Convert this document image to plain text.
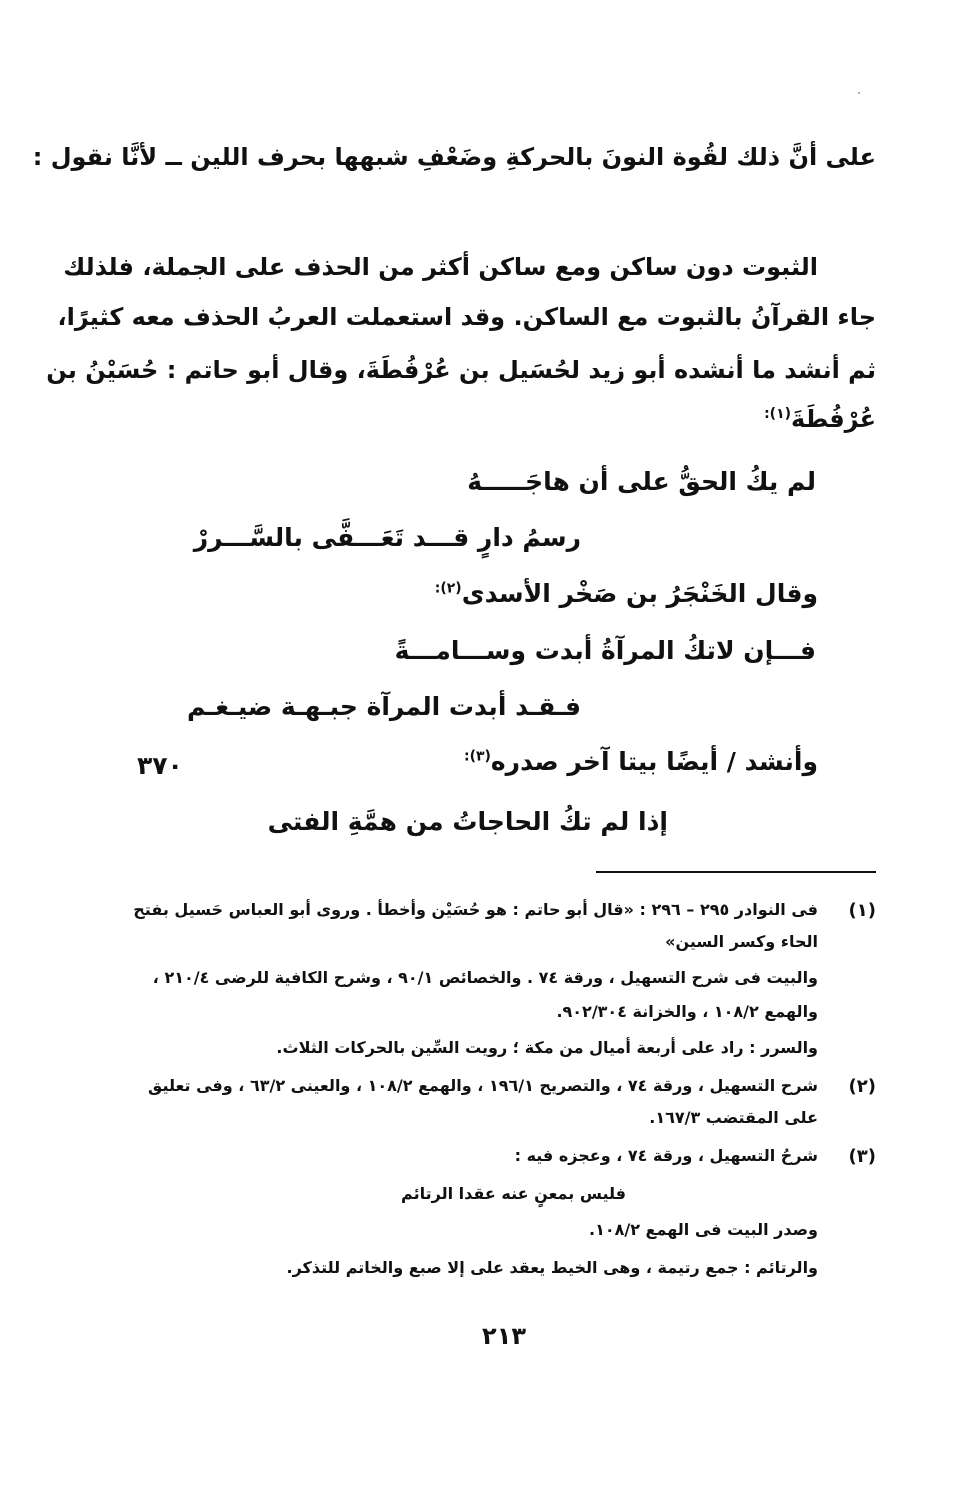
على أنَّ ذلك لقُوة النونَ بالحركةِ وضَعْفِ شبهها بحرف اللين ــ لأنَّا نقول :
الثبوت دون ساكن ومع ساكن أكثر من الحذف على الجملة، فلذلك
جاء القرآنُ بالثبوت مع الساكن. وقد استعملت العربُ الحذف معه كثيرًا،
ثم أنشد ما أنشده أبو زيد لحُسَيل بن عُرْفُطَةَ، وقال أبو حاتم : حُسَيْنُ بن
عُرْفُطَةَ$^{(١):}$
لم يكُ الحقُّ على أن هاجَـــــهُ
رسمُ دارٍ قـــد تَعَـــفَّى بالسَّـــررْ
وقال الخَنْجَرُ بن صَخْر الأسدى$^{(٢):}$
فـــإن لاتكُ المرآةُ أبدت وســـامـــةً
فـقـد أبدت المرآة جبـهـة ضيـغـم
وأنشد / أيضًا بيتا آخر صدره$^{(٣):}$
٣٧٠
إذا لم تكُ الحاجاتُ من همَّةِ الفتى
(١)
فى النوادر ٢٩٥ – ٢٩٦ : «قال أبو حاتم : هو حُسَيْن وأخطأ . وروى أبو العباس حَسيل بفتح
الحاء وكسر السين»
والبيت فى شرح التسهيل ، ورقة ٧٤ . والخصائص ٩٠/١ ، وشرح الكافية للرضى ٢١٠/٤ ،
والهمع ١٠٨/٢ ، والخزانة ٩٠٢/٣٠٤.
والسرر : راد على أربعة أميال من مكة ؛ رويت السِّين بالحركات الثلاث.
(٢)
شرح التسهيل ، ورقة ٧٤ ، والتصريح ١٩٦/١ ، والهمع ١٠٨/٢ ، والعينى ٦٣/٢ ، وفى تعليق
على المقتضب ١٦٧/٣.
(٣)
شرحُ التسهيل ، ورقة ٧٤ ، وعجزه فيه :
فليس بمعنٍ عنه عقدا الرتائم
وصدر البيت فى الهمع ١٠٨/٢.
والرتائم : جمع رتيمة ، وهى الخيط يعقد على إلا صبع والخاتم للتذكر.
٢١٣
